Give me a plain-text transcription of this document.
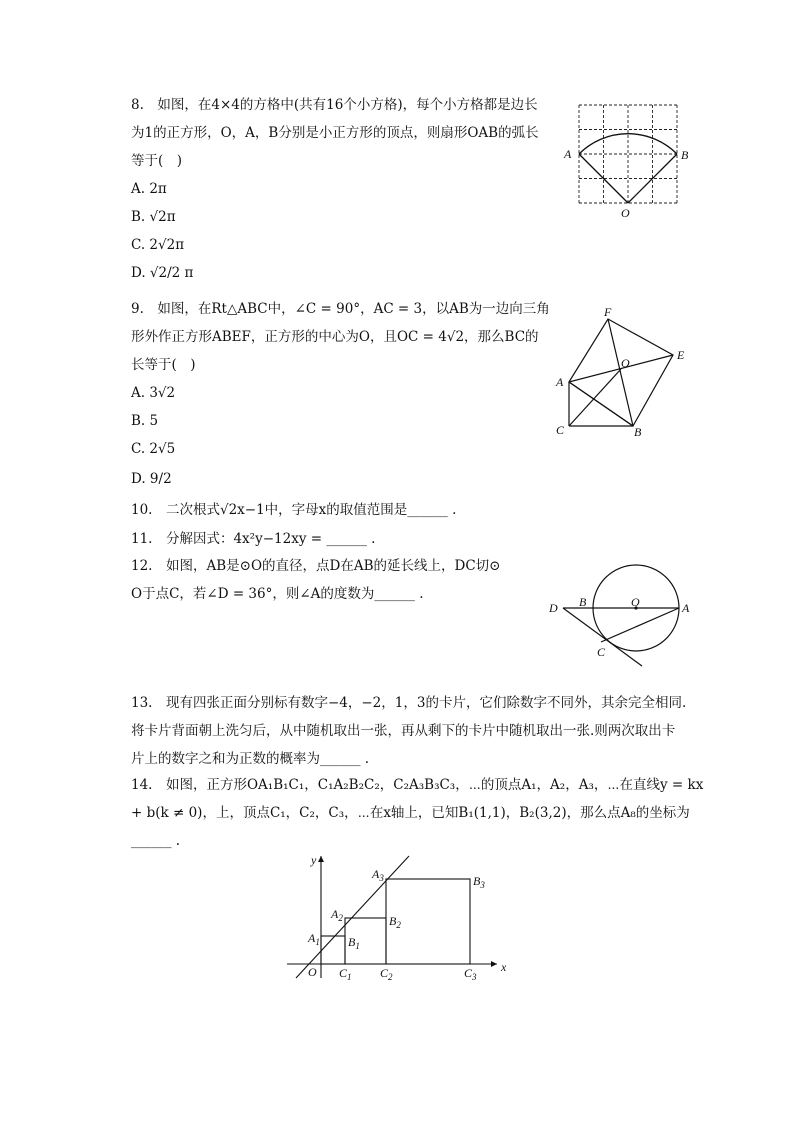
8.　如图，在4×4的方格中(共有16个小方格)，每个小方格都是边长
为1的正方形，O，A，B分别是小正方形的顶点，则扇形OAB的弧长
等于(　)
A. 2π
B. √2π
C. 2√2π
D. √2/2 π
A	B
O
9.　如图，在Rt△ABC中，∠C = 90°，AC = 3，以AB为一边向三角
形外作正方形ABEF，正方形的中心为O，且OC = 4√2，那么BC的
长等于(　)
A. 3√2
B. 5
C. 2√5
D. 9/2
F
E
O
A
C	B
10.　二次根式√2x−1中，字母x的取值范围是______ .
11.　分解因式：4x²y−12xy = ______ .
12.　如图，AB是⊙O的直径，点D在AB的延长线上，DC切⊙
O于点C，若∠D = 36°，则∠A的度数为______ .
D B	O	A
C
13.　现有四张正面分别标有数字−4，−2，1，3的卡片，它们除数字不同外，其余完全相同.
将卡片背面朝上洗匀后，从中随机取出一张，再从剩下的卡片中随机取出一张.则两次取出卡
片上的数字之和为正数的概率为______ .
14.　如图，正方形OA₁B₁C₁，C₁A₂B₂C₂，C₂A₃B₃C₃，⋯的顶点A₁，A₂，A₃，⋯在直线y = kx
+ b(k ≠ 0)，上，顶点C₁，C₂，C₃，⋯在x轴上，已知B₁(1,1)，B₂(3,2)，那么点A₈的坐标为
______ .
y
x
O
$A_1$
$A_2$
$A_3$
$B_1$
$B_2$
$B_3$
$C_1$ $C_2$	$C_3$
